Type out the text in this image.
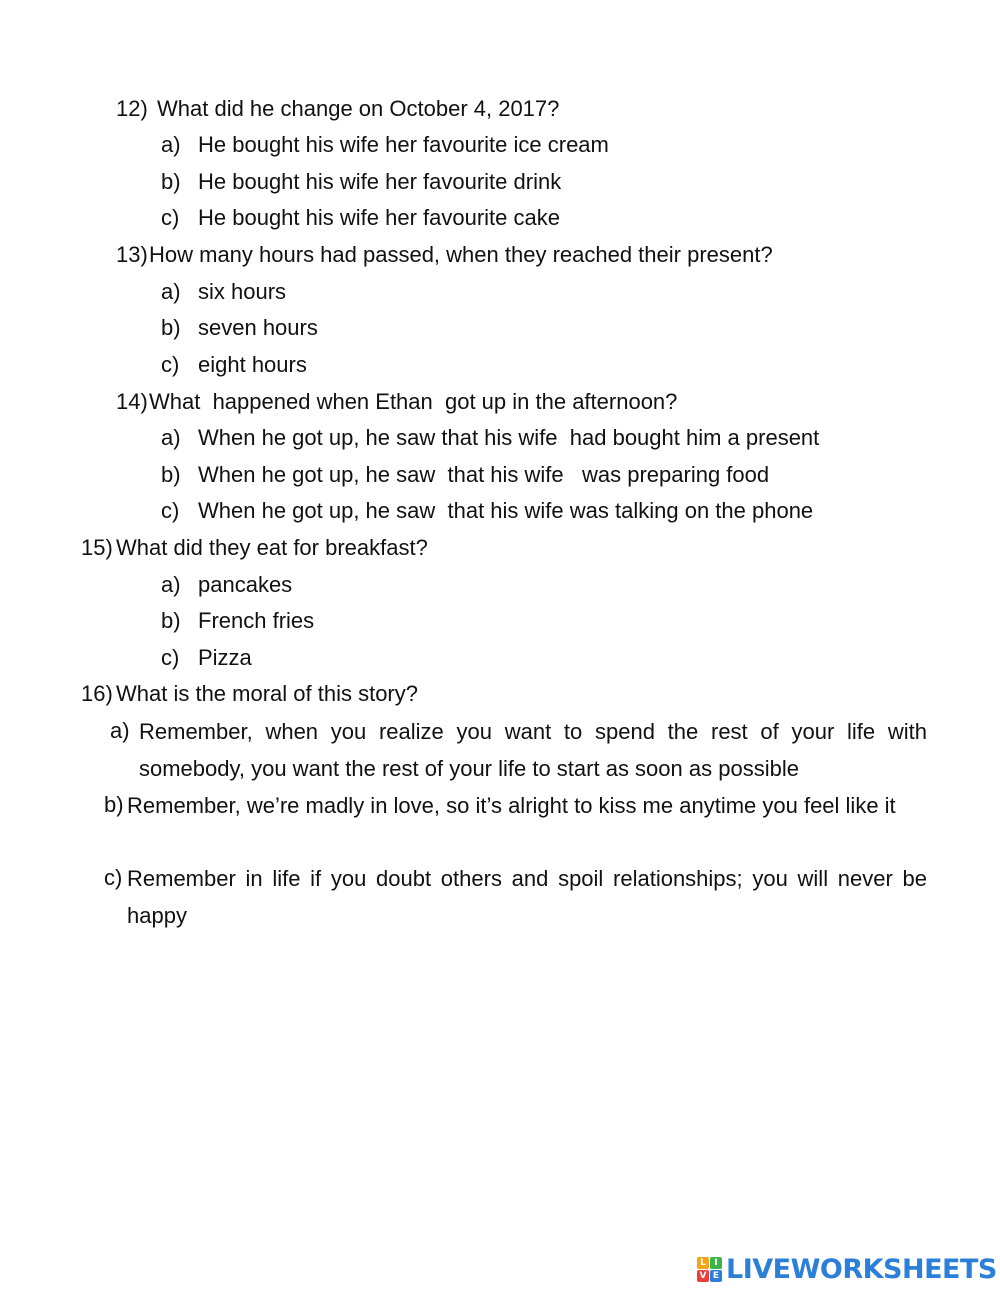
12) What did he change on October 4, 2017?
a) He bought his wife her favourite ice cream
b) He bought his wife her favourite drink
c) He bought his wife her favourite cake
13) How many hours had passed, when they reached their present?
a) six hours
b) seven hours
c) eight hours
14) What  happened when Ethan  got up in the afternoon?
a) When he got up, he saw that his wife  had bought him a present
b) When he got up, he saw  that his wife   was preparing food
c) When he got up, he saw  that his wife was talking on the phone
15) What did they eat for breakfast?
a) pancakes
b) French fries
c) Pizza
16) What is the moral of this story?
a) Remember, when you realize you want to spend the rest of your life with somebody, you want the rest of your life to start as soon as possible
b) Remember, we’re madly in love, so it’s alright to kiss me anytime you feel like it
c) Remember in life if you doubt others and spoil relationships; you will never be happy
L I
V E LIVEWORKSHEETS
